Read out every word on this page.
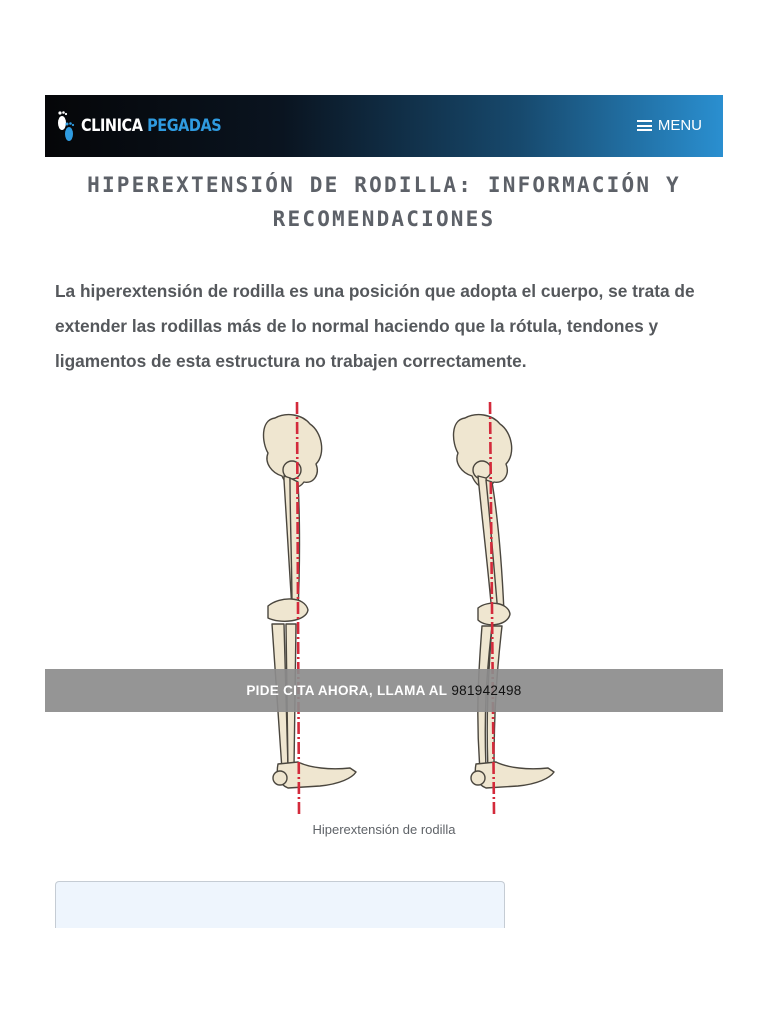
CLINICA PEGADAS	MENU
HIPEREXTENSIÓN DE RODILLA: INFORMACIÓN Y RECOMENDACIONES

La hiperextensión de rodilla es una posición que adopta el cuerpo, se trata de extender las rodillas más de lo normal haciendo que la rótula, tendones y ligamentos de esta estructura no trabajen correctamente.

Hiperextensión de rodilla
PIDE CITA AHORA, LLAMA AL 981942498
